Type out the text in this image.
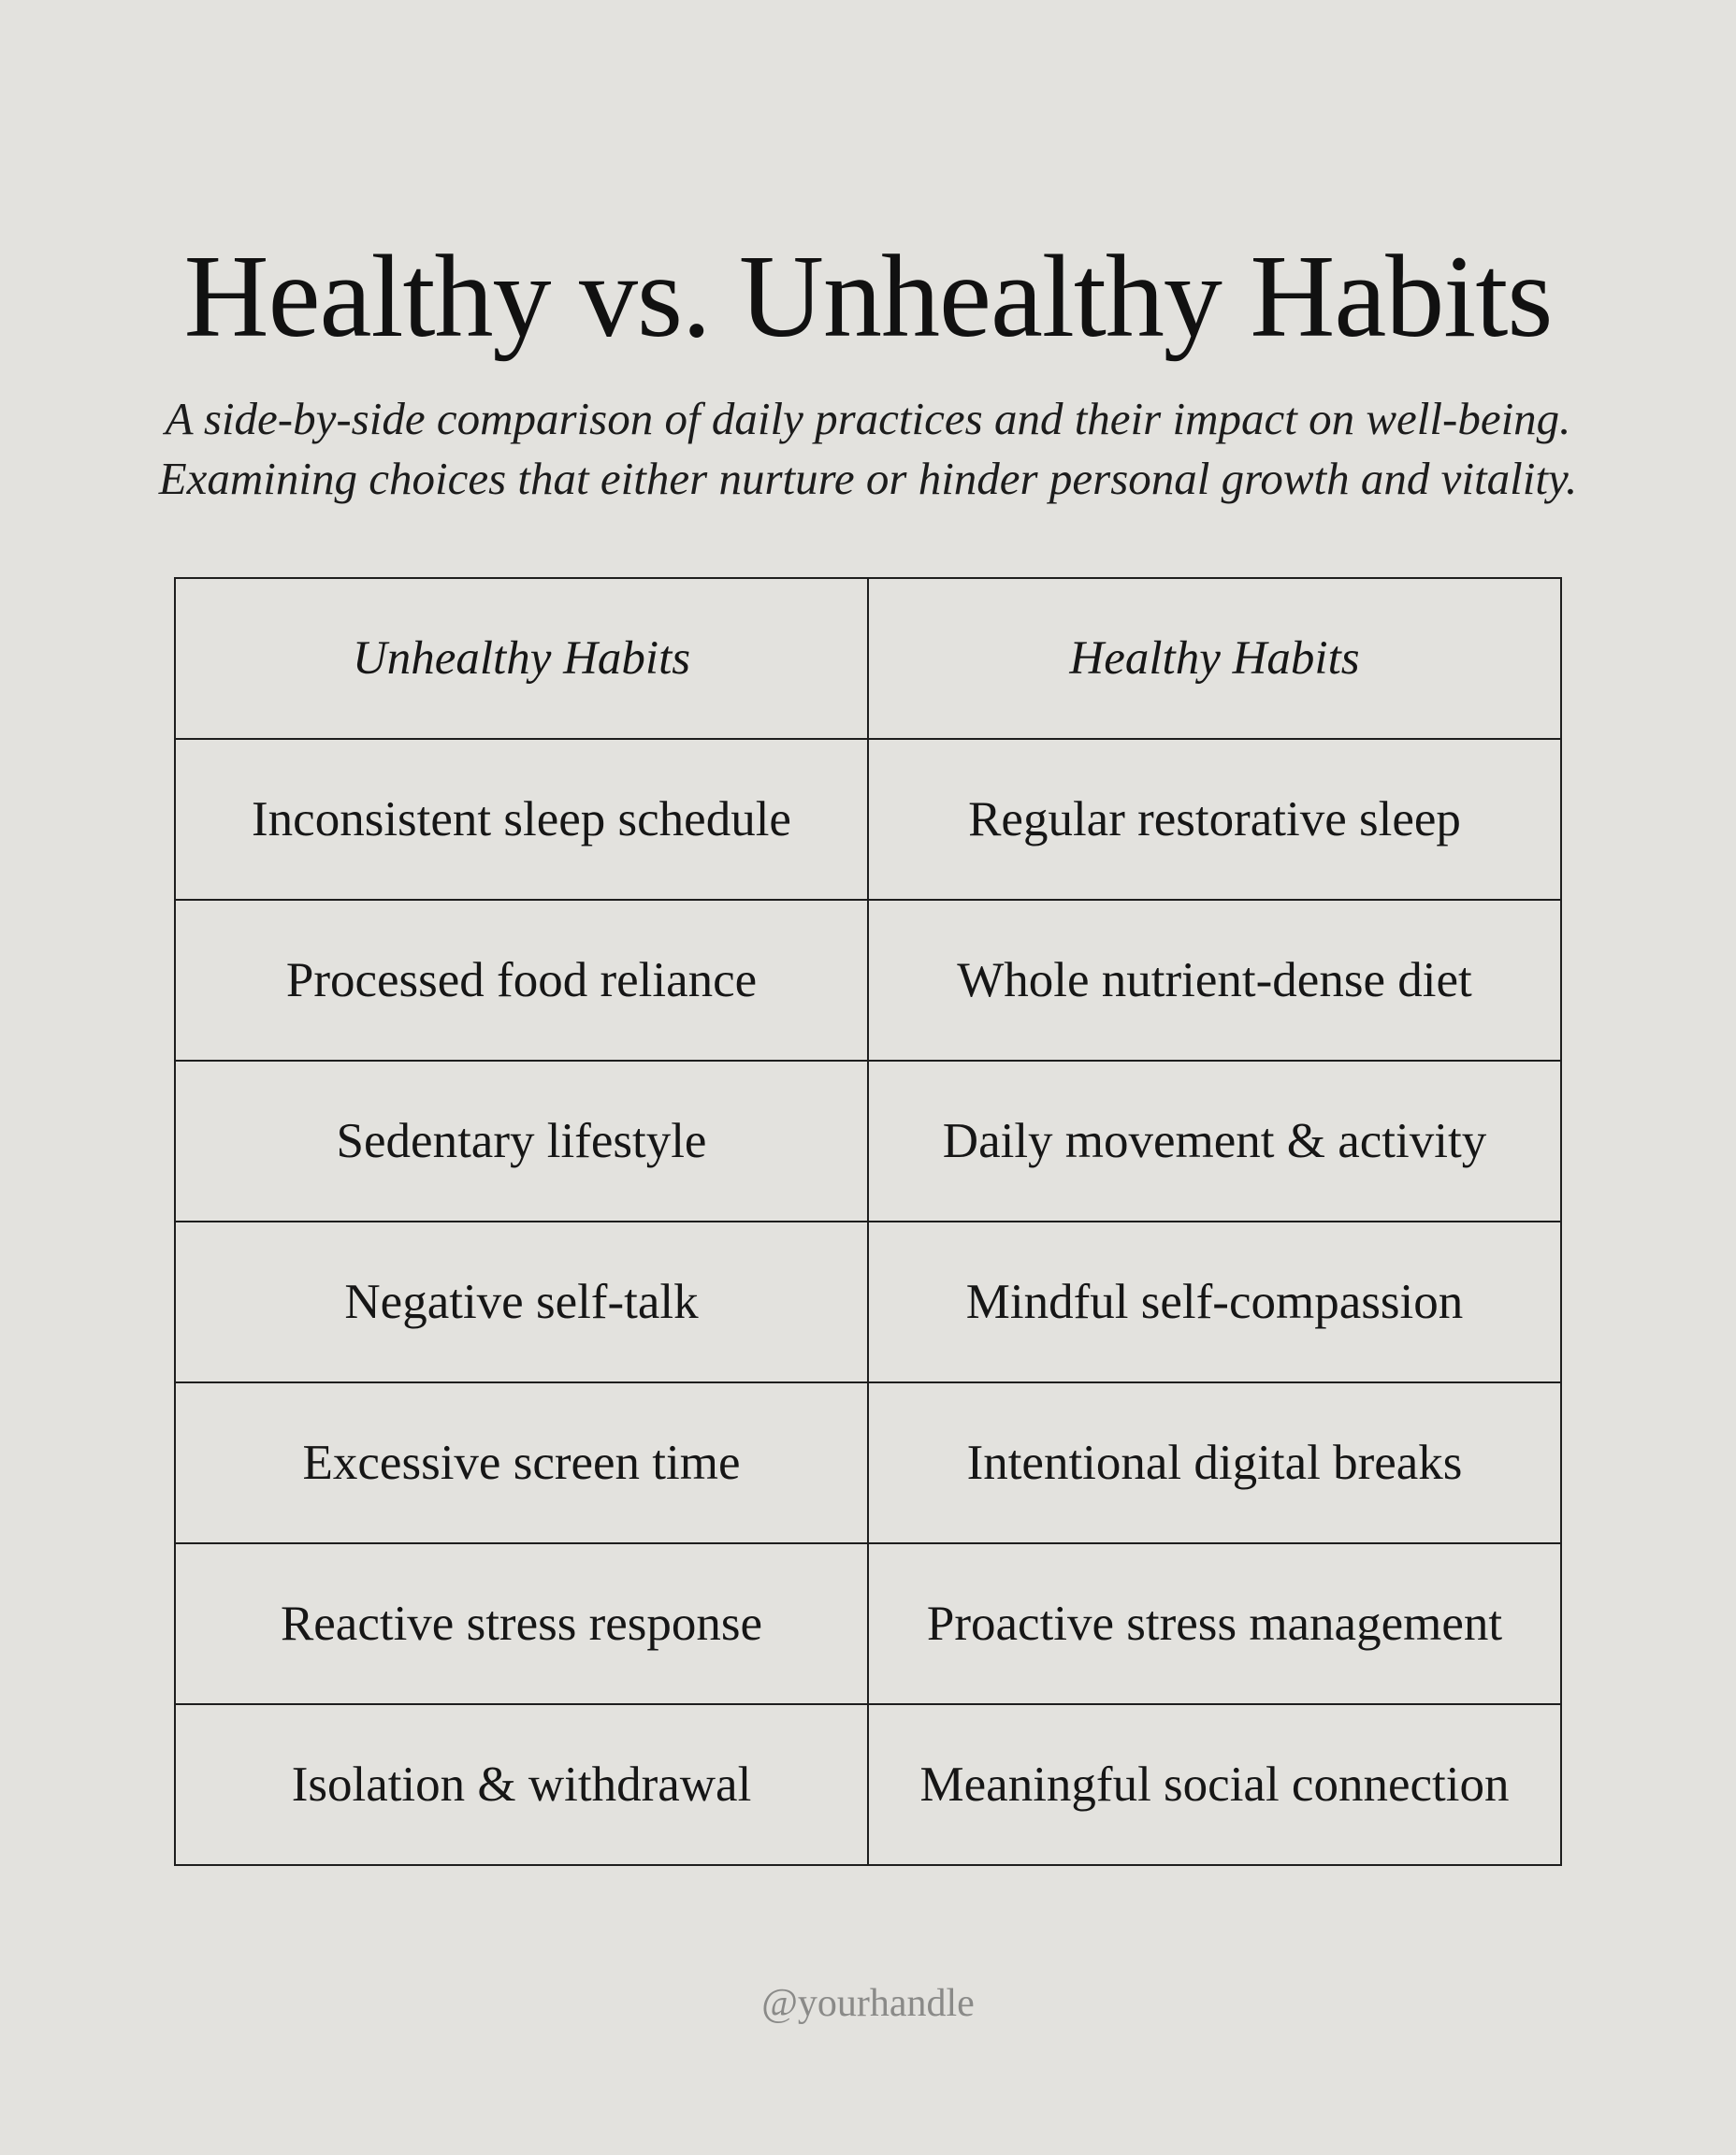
Healthy vs. Unhealthy Habits
A side-by-side comparison of daily practices and their impact on well-being.
Examining choices that either nurture or hinder personal growth and vitality.
Unhealthy Habits	Healthy Habits
Inconsistent sleep schedule	Regular restorative sleep
Processed food reliance	Whole nutrient-dense diet
Sedentary lifestyle	Daily movement & activity
Negative self-talk	Mindful self-compassion
Excessive screen time	Intentional digital breaks
Reactive stress response	Proactive stress management
Isolation & withdrawal	Meaningful social connection
@yourhandle
